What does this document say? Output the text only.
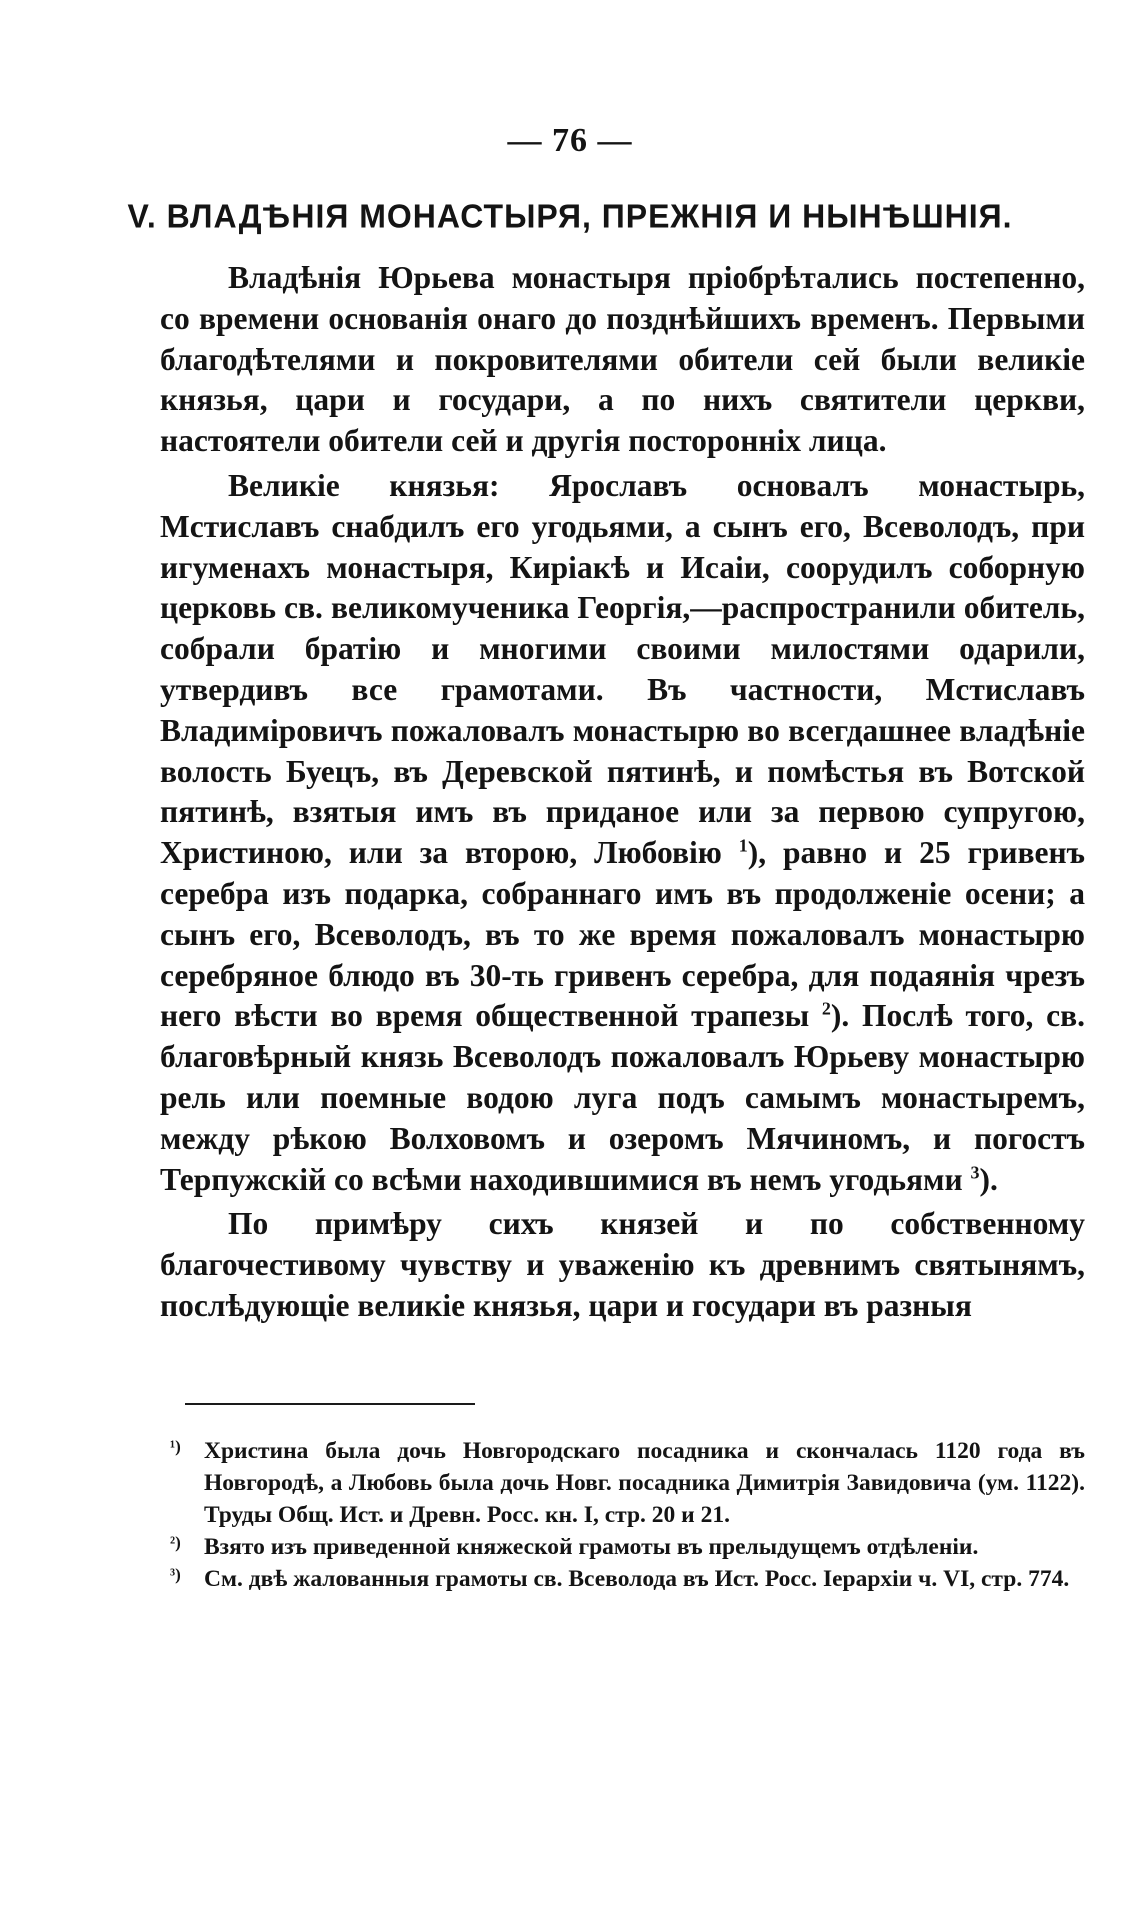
— 76 —
V. ВЛАДѢНІЯ МОНАСТЫРЯ, ПРЕЖНІЯ И НЫНѢШНІЯ.

Владѣнія Юрьева монастыря пріобрѣтались постепенно, со времени основанія онаго до позднѣйшихъ временъ. Первыми благодѣтелями и покровителями обители сей были великіе князья, цари и государи, а по нихъ святители церкви, настоятели обители сей и другія посторонніх лица.

Великіе князья: Ярославъ основалъ монастырь, Мстиславъ снабдилъ его угодьями, а сынъ его, Всеволодъ, при игуменахъ монастыря, Киріакѣ и Исаіи, соорудилъ соборную церковь св. великомученика Георгія,—распространили обитель, собрали братію и многими своими милостями одарили, утвердивъ все грамотами. Въ частности, Мстиславъ Владиміровичъ пожаловалъ монастырю во всегдашнее владѣніе волость Буецъ, въ Деревской пятинѣ, и помѣстья въ Вотской пятинѣ, взятыя имъ въ приданое или за первою супругою, Христиною, или за второю, Любовію $^1$), равно и 25 гривенъ серебра изъ подарка, собраннаго имъ въ продолженіе осени; а сынъ его, Всеволодъ, въ то же время пожаловалъ монастырю серебряное блюдо въ 30-ть гривенъ серебра, для подаянія чрезъ него вѣсти во время общественной трапезы $^2$). Послѣ того, св. благовѣрный князь Всеволодъ пожаловалъ Юрьеву монастырю рель или поемные водою луга подъ самымъ монастыремъ, между рѣкою Волховомъ и озеромъ Мячиномъ, и погостъ Терпужскій со всѣми находившимися въ немъ угодьями $^3$).

По примѣру сихъ князей и по собственному благочестивому чувству и уваженію къ древнимъ святынямъ, послѣдующіе великіе князья, цари и государи въ разныя

¹) Христина была дочь Новгородскаго посадника и скончалась 1120 года въ Новгородѣ, а Любовь была дочь Новг. посадника Димитрія Завидовича (ум. 1122). Труды Общ. Ист. и Древн. Росс. кн. I, стр. 20 и 21.

²) Взято изъ приведенной княжеской грамоты въ прелыдущемъ отдѣленіи.

³) См. двѣ жалованныя грамоты св. Всеволода въ Ист. Росс. Іерархіи ч. VI, стр. 774.
